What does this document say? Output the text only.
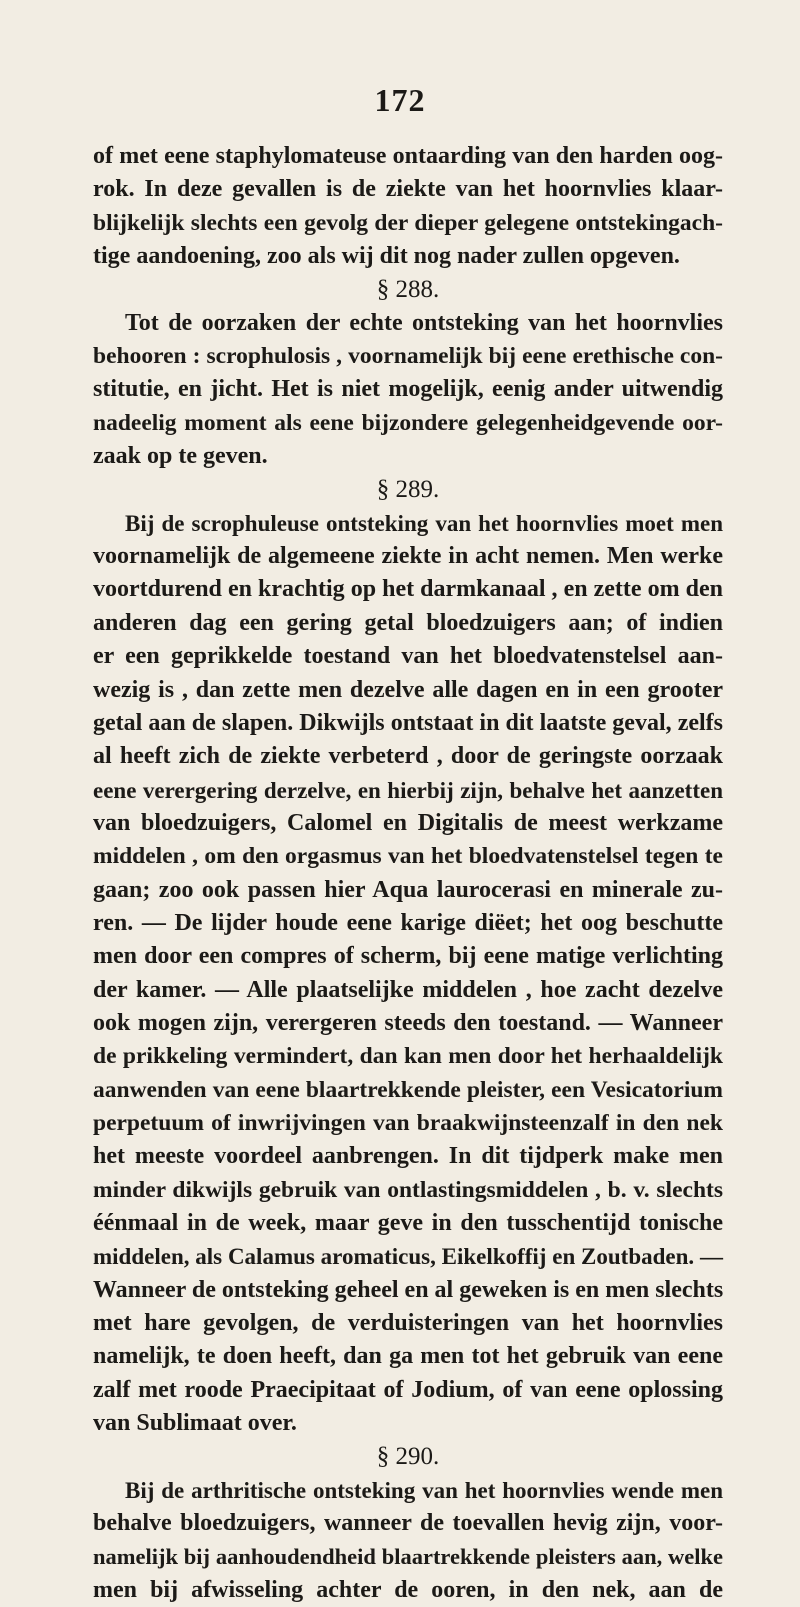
172
of met eene staphylomateuse ontaarding van den harden oog-
rok. In deze gevallen is de ziekte van het hoornvlies klaar-
blijkelijk slechts een gevolg der dieper gelegene ontstekingach-
tige aandoening, zoo als wij dit nog nader zullen opgeven.
§ 288.
Tot de oorzaken der echte ontsteking van het hoornvlies
behooren : scrophulosis , voornamelijk bij eene erethische con-
stitutie, en jicht. Het is niet mogelijk, eenig ander uitwendig
nadeelig moment als eene bijzondere gelegenheidgevende oor-
zaak op te geven.
§ 289.
Bij de scrophuleuse ontsteking van het hoornvlies moet men
voornamelijk de algemeene ziekte in acht nemen. Men werke
voortdurend en krachtig op het darmkanaal , en zette om den
anderen dag een gering getal bloedzuigers aan; of indien
er een geprikkelde toestand van het bloedvatenstelsel aan-
wezig is , dan zette men dezelve alle dagen en in een grooter
getal aan de slapen. Dikwijls ontstaat in dit laatste geval, zelfs
al heeft zich de ziekte verbeterd , door de geringste oorzaak
eene verergering derzelve, en hierbij zijn, behalve het aanzetten
van bloedzuigers, Calomel en Digitalis de meest werkzame
middelen , om den orgasmus van het bloedvatenstelsel tegen te
gaan; zoo ook passen hier Aqua laurocerasi en minerale zu-
ren. — De lijder houde eene karige diëet; het oog beschutte
men door een compres of scherm, bij eene matige verlichting
der kamer. — Alle plaatselijke middelen , hoe zacht dezelve
ook mogen zijn, verergeren steeds den toestand. — Wanneer
de prikkeling vermindert, dan kan men door het herhaaldelijk
aanwenden van eene blaartrekkende pleister, een Vesicatorium
perpetuum of inwrijvingen van braakwijnsteenzalf in den nek
het meeste voordeel aanbrengen. In dit tijdperk make men
minder dikwijls gebruik van ontlastingsmiddelen , b. v. slechts
éénmaal in de week, maar geve in den tusschentijd tonische
middelen, als Calamus aromaticus, Eikelkoffij en Zoutbaden. —
Wanneer de ontsteking geheel en al geweken is en men slechts
met hare gevolgen, de verduisteringen van het hoornvlies
namelijk, te doen heeft, dan ga men tot het gebruik van eene
zalf met roode Praecipitaat of Jodium, of van eene oplossing
van Sublimaat over.
§ 290.
Bij de arthritische ontsteking van het hoornvlies wende men
behalve bloedzuigers, wanneer de toevallen hevig zijn, voor-
namelijk bij aanhoudendheid blaartrekkende pleisters aan, welke
men bij afwisseling achter de ooren, in den nek, aan de
